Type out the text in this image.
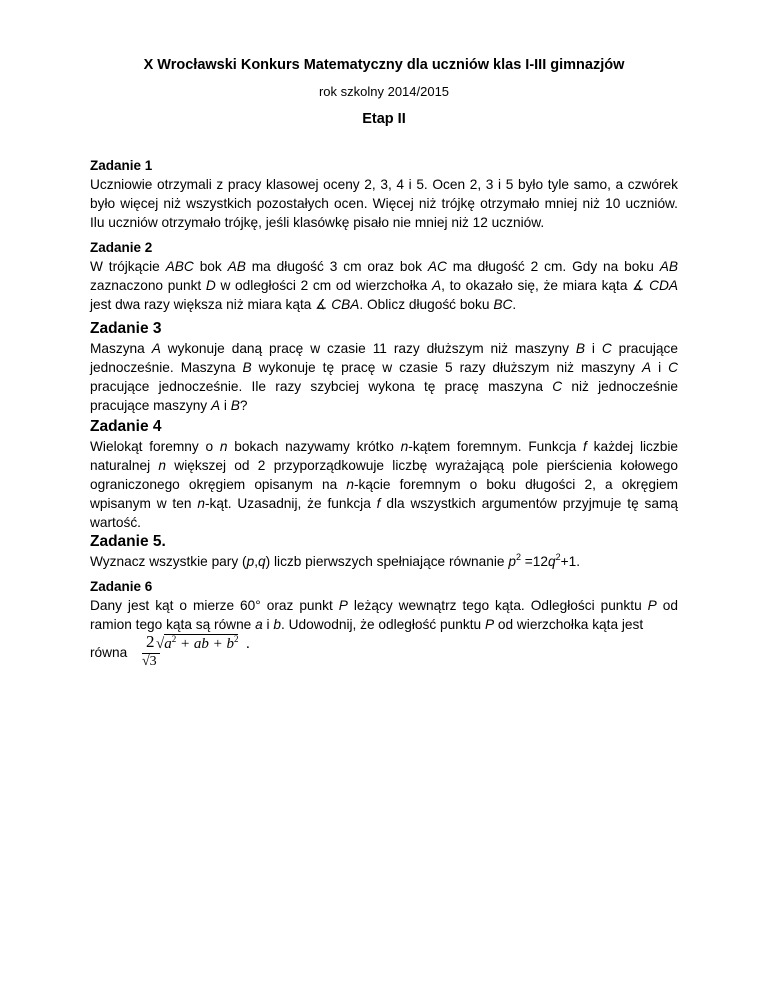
X Wrocławski Konkurs Matematyczny dla uczniów klas I-III gimnazjów
rok szkolny 2014/2015
Etap II
Zadanie 1

Uczniowie otrzymali z pracy klasowej oceny 2, 3, 4 i 5. Ocen 2, 3 i 5 było tyle samo, a czwórek było więcej niż wszystkich pozostałych ocen. Więcej niż trójkę otrzymało mniej niż 10 uczniów. Ilu uczniów otrzymało trójkę, jeśli klasówkę pisało nie mniej niż 12 uczniów.

Zadanie 2

W trójkącie ABC bok AB ma długość 3 cm oraz bok AC ma długość 2 cm. Gdy na boku AB zaznaczono punkt D w odległości 2 cm od wierzchołka A, to okazało się, że miara kąta ∡ CDA jest dwa razy większa niż miara kąta ∡ CBA. Oblicz długość boku BC.

Zadanie 3

Maszyna A wykonuje daną pracę w czasie 11 razy dłuższym niż maszyny B i C pracujące jednocześnie. Maszyna B wykonuje tę pracę w czasie 5 razy dłuższym niż maszyny A i C pracujące jednocześnie. Ile razy szybciej wykona tę pracę maszyna C niż jednocześnie pracujące maszyny A i B?

Zadanie 4

Wielokąt foremny o n bokach nazywamy krótko n-kątem foremnym. Funkcja f każdej liczbie naturalnej n większej od 2 przyporządkowuje liczbę wyrażającą pole pierścienia kołowego ograniczonego okręgiem opisanym na n-kącie foremnym o boku długości 2, a okręgiem wpisanym w ten n-kąt. Uzasadnij, że funkcja f dla wszystkich argumentów przyjmuje tę samą wartość.

Zadanie 5.

Wyznacz wszystkie pary (p,q) liczb pierwszych spełniające równanie $p^2 =12q^2+1$.

Zadanie 6

Dany jest kąt o mierze 60° oraz punkt P leżący wewnątrz tego kąta. Odległości punktu P od ramion tego kąta są równe a i b. Udowodnij, że odległość punktu P od wierzchołka kąta jest

równa
2
√3
$√a^2$ + ab + $b^2$ .
